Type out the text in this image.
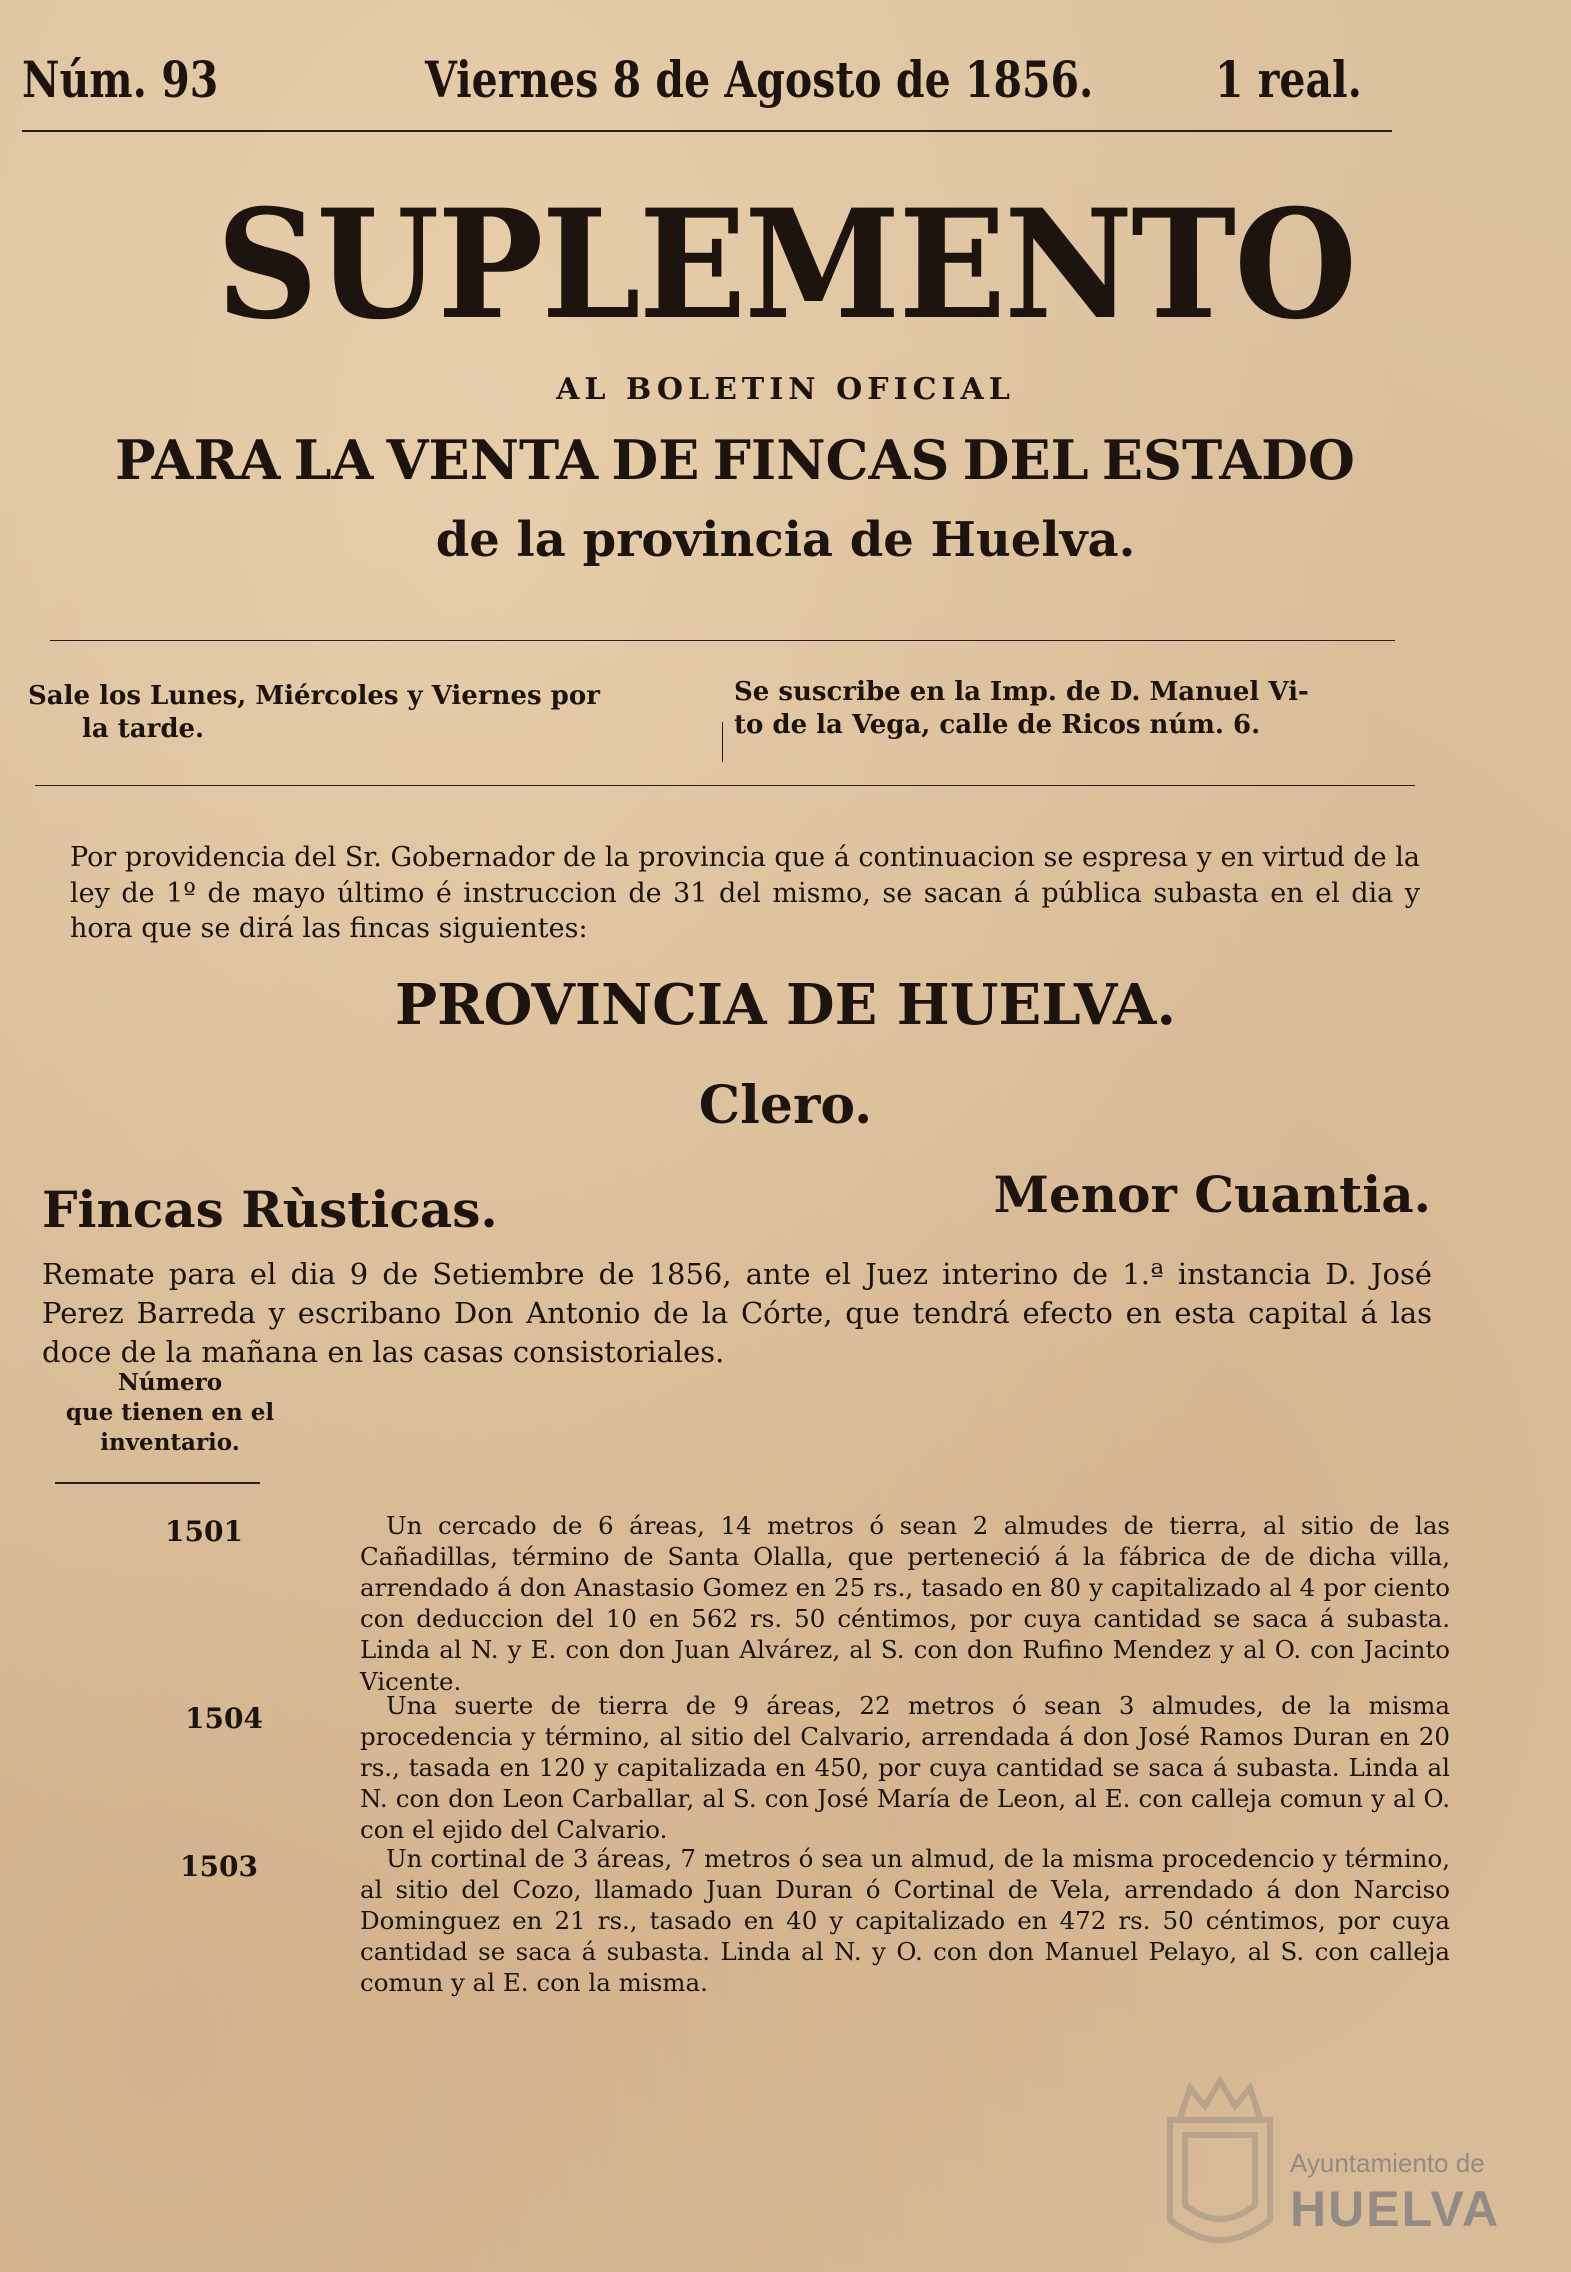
Núm. 93	Viernes 8 de Agosto de 1856. 1 real.
SUPLEMENTO
AL BOLETIN OFICIAL
PARA LA VENTA DE FINCAS DEL ESTADO
de la provincia de Huelva.
Sale los Lunes, Miércoles y Viernes por
la tarde.
Se suscribe en la Imp. de D. Manuel Vi-
to de la Vega, calle de Ricos núm. 6.
Por providencia del Sr. Gobernador de la provincia que á continuacion se espresa y en virtud de la ley de 1º de mayo último é instruccion de 31 del mismo, se sacan á pública subasta en el dia y hora que se dirá las fincas siguientes:
PROVINCIA DE HUELVA.
Clero.
Fincas Rùsticas.	Menor Cuantia.
Remate para el dia 9 de Setiembre de 1856, ante el Juez interino de 1.ª instancia D. José Perez Barreda y escribano Don Antonio de la Córte, que tendrá efecto en esta capital á las doce de la mañana en las casas consistoriales.
Número
que tienen en el
inventario.
1501	Un cercado de 6 áreas, 14 metros ó sean 2 almudes de tierra, al sitio de las Cañadillas, término de Santa Olalla, que perteneció á la fábrica de de dicha villa, arrendado á don Anastasio Gomez en 25 rs., tasado en 80 y capitalizado al 4 por ciento con deduccion del 10 en 562 rs. 50 céntimos, por cuya cantidad se saca á subasta. Linda al N. y E. con don Juan Alvárez, al S. con don Rufino Mendez y al O. con Jacinto Vicente.
1504	Una suerte de tierra de 9 áreas, 22 metros ó sean 3 almudes, de la misma procedencia y término, al sitio del Calvario, arrendada á don José Ramos Duran en 20 rs., tasada en 120 y capitalizada en 450, por cuya cantidad se saca á subasta. Linda al N. con don Leon Carballar, al S. con José María de Leon, al E. con calleja comun y al O. con el ejido del Calvario.
1503	Un cortinal de 3 áreas, 7 metros ó sea un almud, de la misma procedencio y término, al sitio del Cozo, llamado Juan Duran ó Cortinal de Vela, arrendado á don Narciso Dominguez en 21 rs., tasado en 40 y capitalizado en 472 rs. 50 céntimos, por cuya cantidad se saca á subasta. Linda al N. y O. con don Manuel Pelayo, al S. con calleja comun y al E. con la misma.
Ayuntamiento de
HUELVA
